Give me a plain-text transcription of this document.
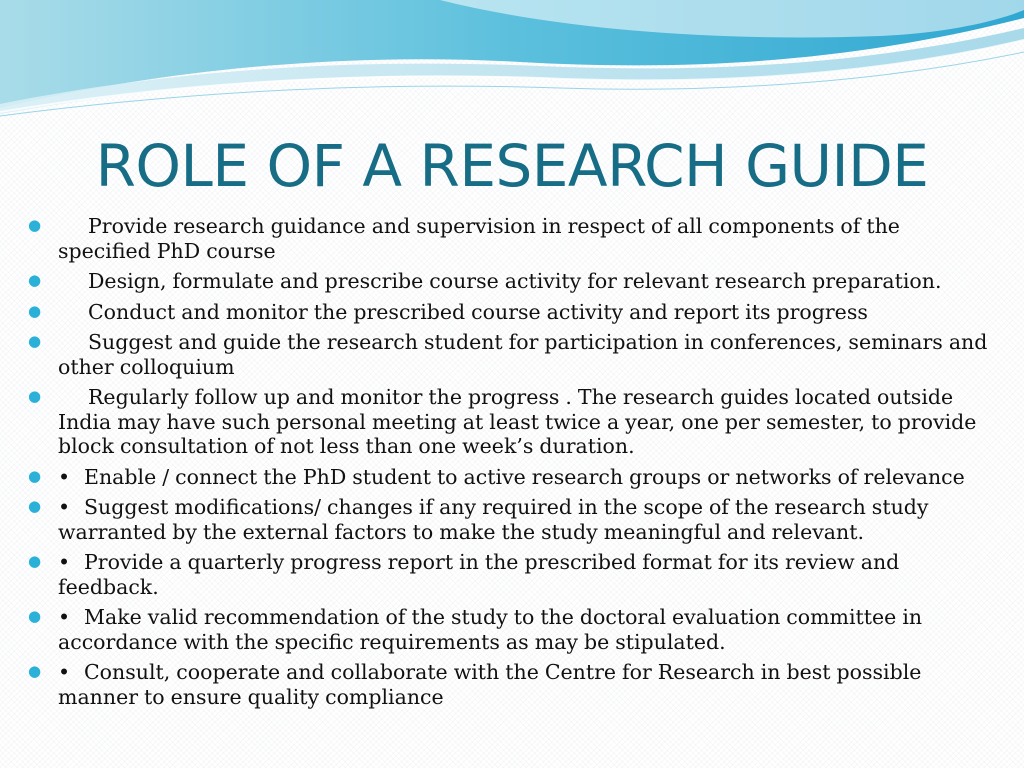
ROLE OF A RESEARCH GUIDE
● Provide research guidance and supervision in respect of all components of the specified PhD course
● Design, formulate and prescribe course activity for relevant research preparation.
● Conduct and monitor the prescribed course activity and report its progress
● Suggest and guide the research student for participation in conferences, seminars and other colloquium
● Regularly follow up and monitor the progress . The research guides located outside India may have such personal meeting at least twice a year, one per semester, to provide block consultation of not less than one week’s duration.
● • Enable / connect the PhD student to active research groups or networks of relevance
● • Suggest modifications/ changes if any required in the scope of the research study warranted by the external factors to make the study meaningful and relevant.
● • Provide a quarterly progress report in the prescribed format for its review and feedback.
● • Make valid recommendation of the study to the doctoral evaluation committee in accordance with the specific requirements as may be stipulated.
● • Consult, cooperate and collaborate with the Centre for Research in best possible manner to ensure quality compliance
